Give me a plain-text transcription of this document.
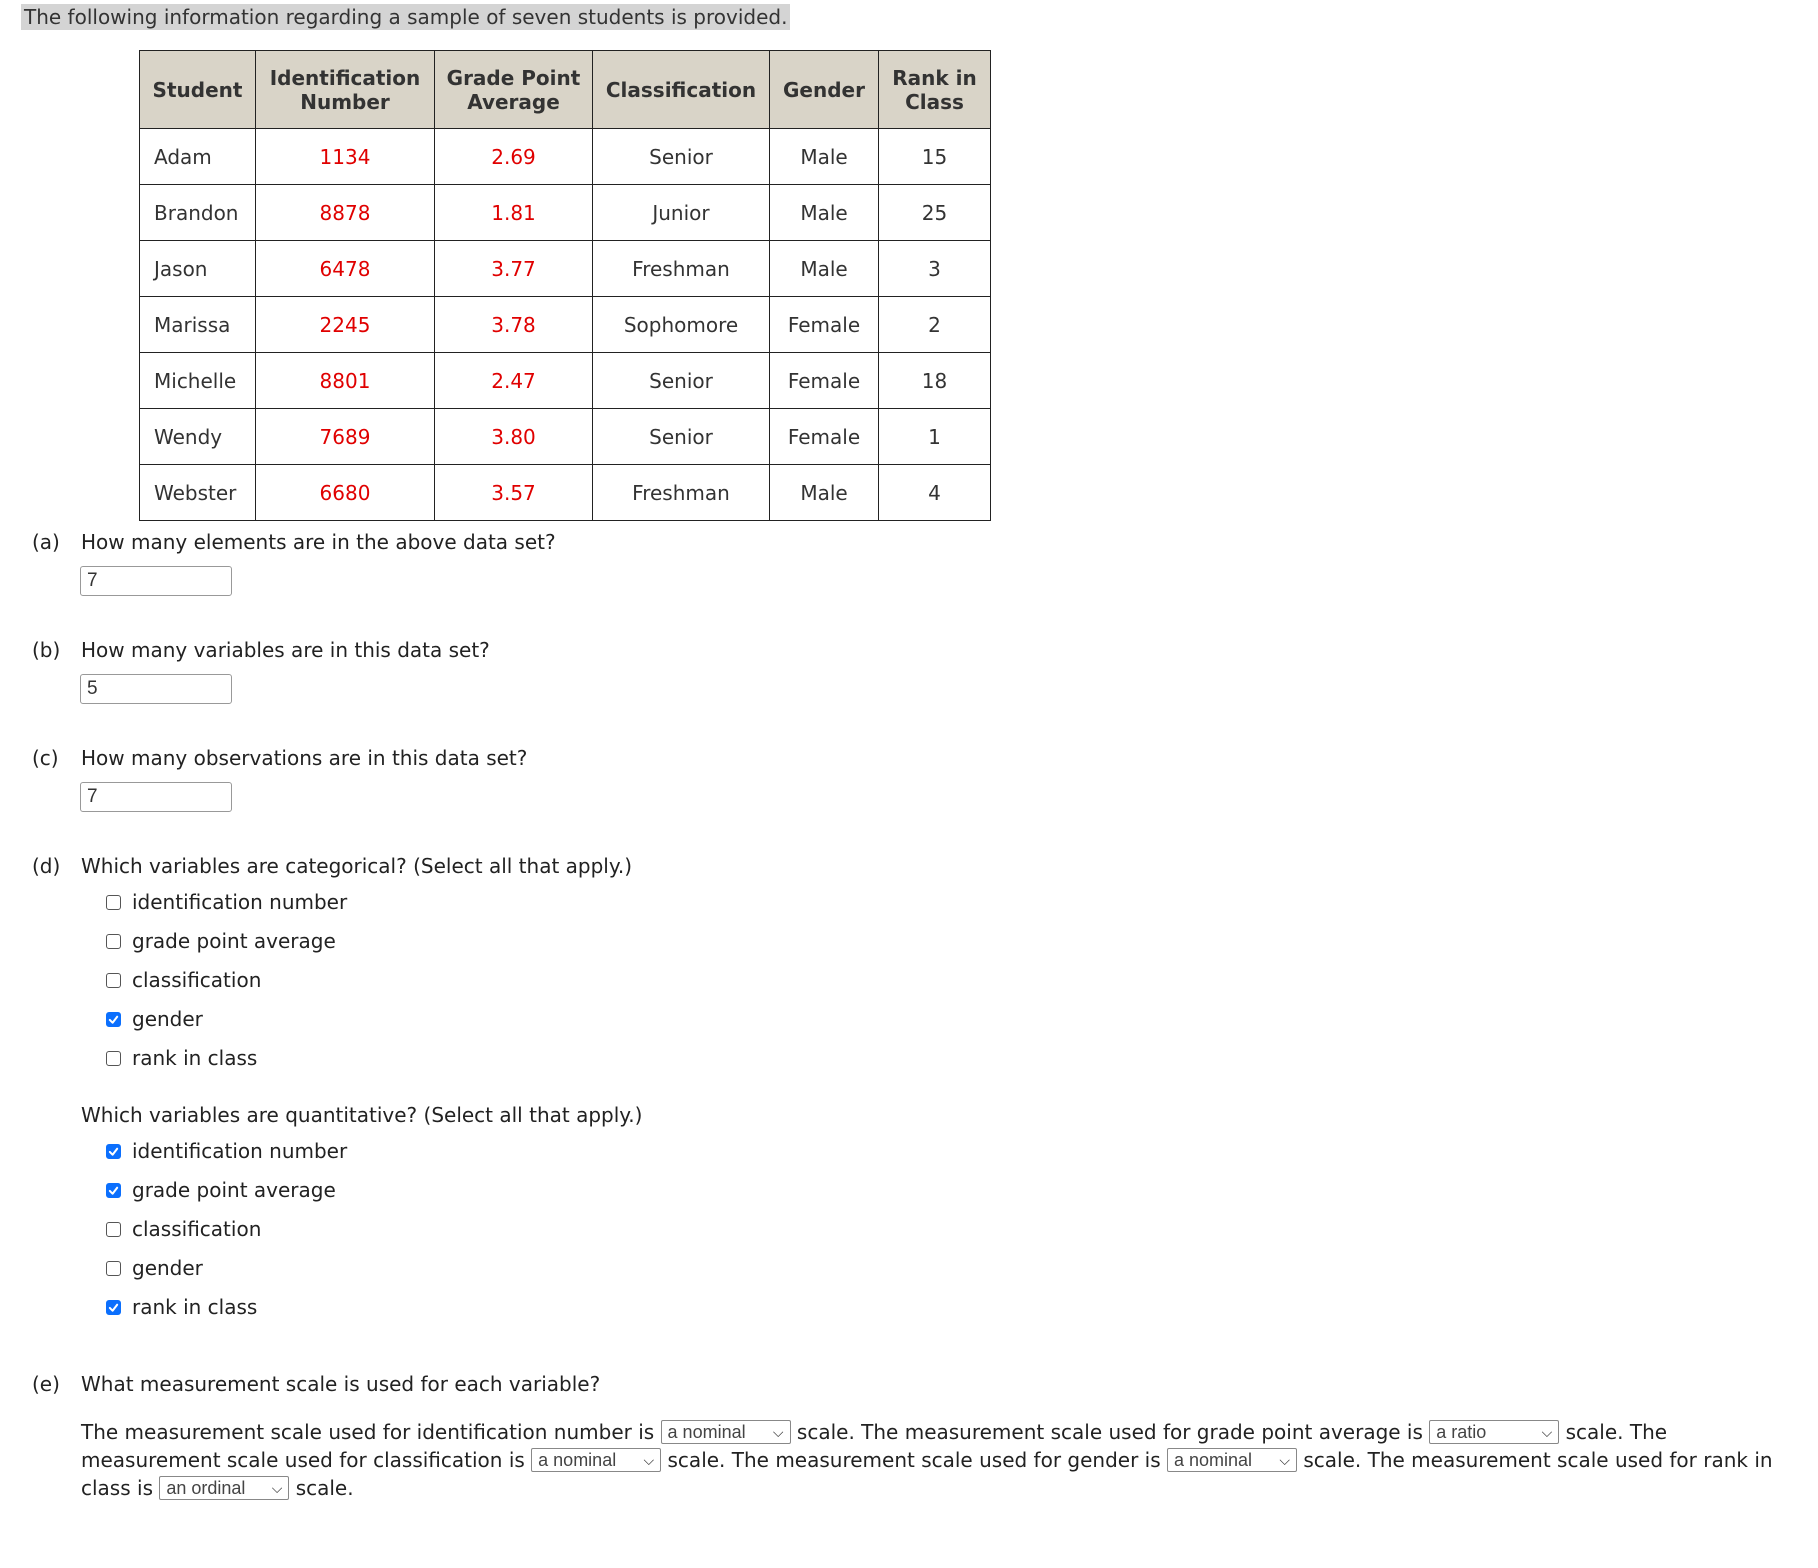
The following information regarding a sample of seven students is provided.
Student	Identification Number	Grade Point Average	Classification	Gender	Rank in Class
Adam	1134	2.69	Senior	Male	15
Brandon	8878	1.81	Junior	Male	25
Jason	6478	3.77	Freshman	Male	3
Marissa	2245	3.78	Sophomore	Female	2
Michelle	8801	2.47	Senior	Female	18
Wendy	7689	3.80	Senior	Female	1
Webster	6680	3.57	Freshman	Male	4
(a) How many elements are in the above data set?
7
(b) How many variables are in this data set?
5
(c) How many observations are in this data set?
7
(d) Which variables are categorical? (Select all that apply.)
identification number
grade point average
classification
gender
rank in class
Which variables are quantitative? (Select all that apply.)
identification number
grade point average
classification
gender
rank in class
(e) What measurement scale is used for each variable?
The measurement scale used for identification number is a nominal ⌵ scale. The measurement scale used for grade point average is a ratio	⌵ scale. The measurement scale used for classification is a nominal ⌵ scale. The measurement scale used for gender is a nominal ⌵ scale. The measurement scale used for rank in class is an ordinal ⌵ scale.
